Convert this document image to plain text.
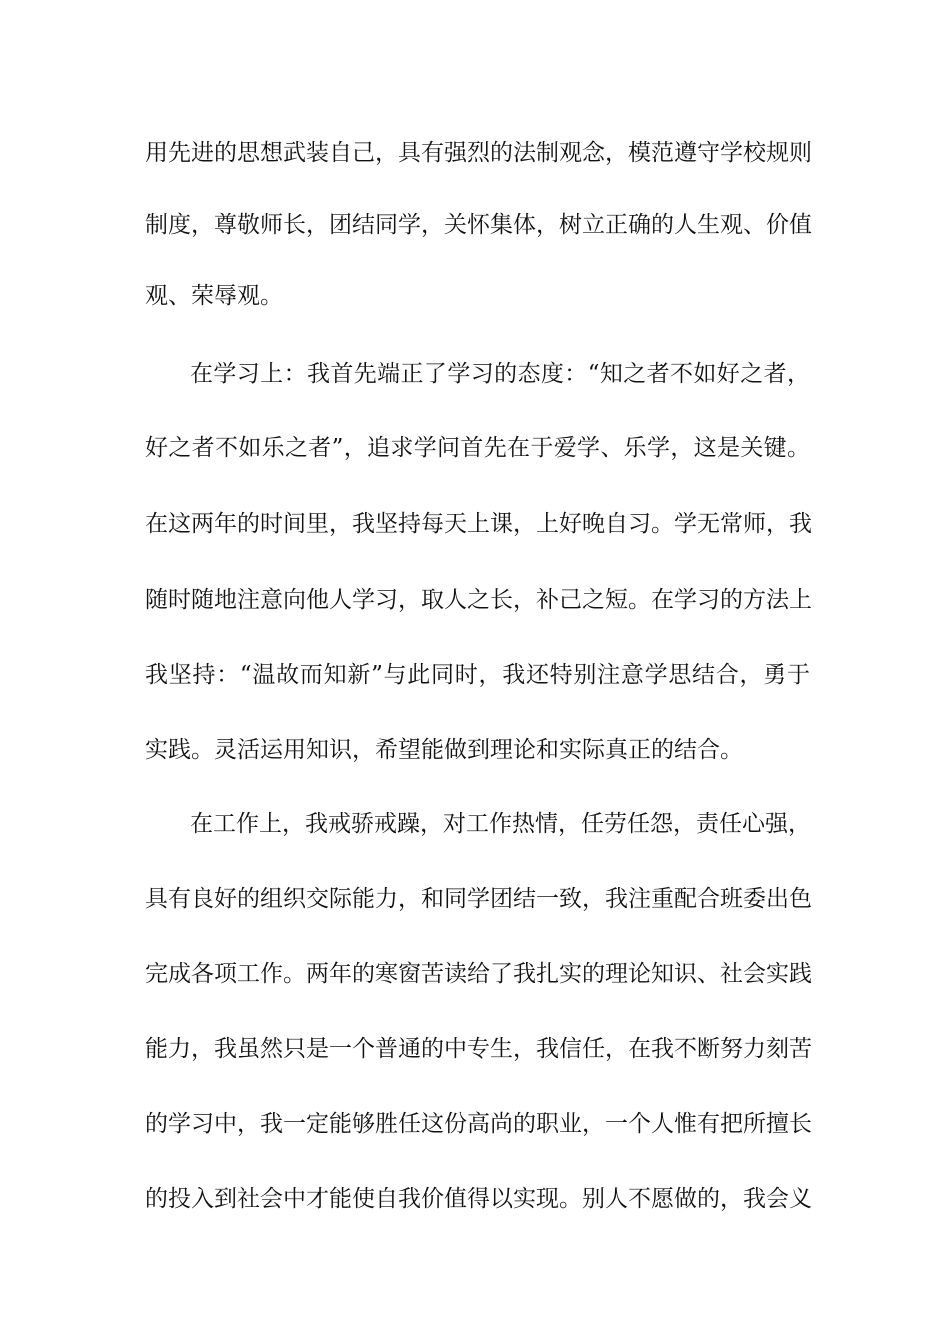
用先进的思想武装自己，具有强烈的法制观念，模范遵守学校规则
制度，尊敬师长，团结同学，关怀集体，树立正确的人生观、价值
观、荣辱观。
在学习上：我首先端正了学习的态度：“知之者不如好之者，
好之者不如乐之者”，追求学问首先在于爱学、乐学，这是关键。
在这两年的时间里，我坚持每天上课，上好晚自习。学无常师，我
随时随地注意向他人学习，取人之长，补己之短。在学习的方法上
我坚持：“温故而知新”与此同时，我还特别注意学思结合，勇于
实践。灵活运用知识，希望能做到理论和实际真正的结合。
在工作上，我戒骄戒躁，对工作热情，任劳任怨，责任心强，
具有良好的组织交际能力，和同学团结一致，我注重配合班委出色
完成各项工作。两年的寒窗苦读给了我扎实的理论知识、社会实践
能力，我虽然只是一个普通的中专生，我信任，在我不断努力刻苦
的学习中，我一定能够胜任这份高尚的职业，一个人惟有把所擅长
的投入到社会中才能使自我价值得以实现。别人不愿做的，我会义
